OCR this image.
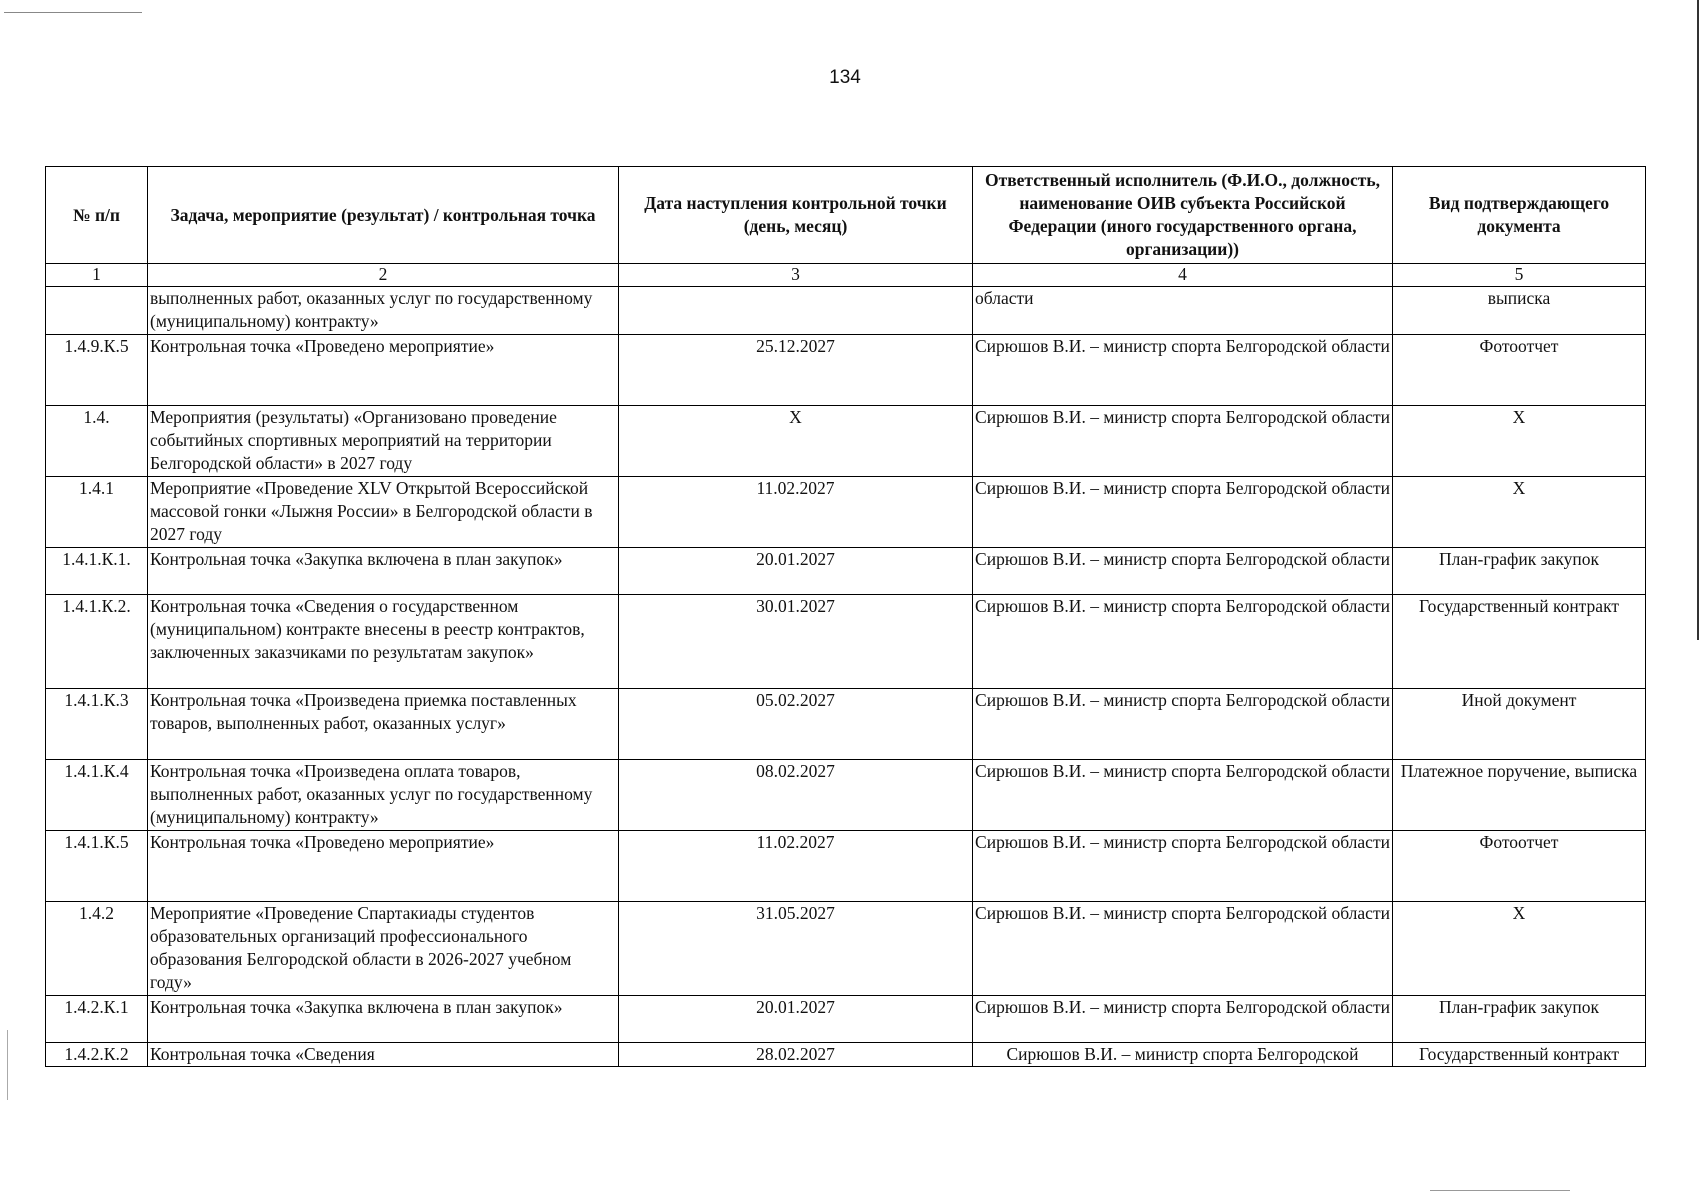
134
№ п/п	Задача, мероприятие (результат) / контрольная точка	Дата наступления контрольной точки (день, месяц)	Ответственный исполнитель (Ф.И.О., должность, наименование ОИВ субъекта Российской Федерации (иного государственного органа, организации))	Вид подтверждающего документа
1	2	3	4	5
	выполненных работ, оказанных услуг по государственному (муниципальному) контракту»		области	выписка
1.4.9.К.5	Контрольная точка «Проведено мероприятие»	25.12.2027	Сирюшов В.И. – министр спорта Белгородской области	Фотоотчет
1.4.	Мероприятия (результаты) «Организовано проведение событийных спортивных мероприятий на территории Белгородской области» в 2027 году	X	Сирюшов В.И. – министр спорта Белгородской области	X
1.4.1	Мероприятие «Проведение XLV Открытой Всероссийской массовой гонки «Лыжня России» в Белгородской области в 2027 году	11.02.2027	Сирюшов В.И. – министр спорта Белгородской области	X
1.4.1.К.1.	Контрольная точка «Закупка включена в план закупок»	20.01.2027	Сирюшов В.И. – министр спорта Белгородской области	План-график закупок
1.4.1.К.2.	Контрольная точка «Сведения о государственном (муниципальном) контракте внесены в реестр контрактов, заключенных заказчиками по результатам закупок»	30.01.2027	Сирюшов В.И. – министр спорта Белгородской области	Государственный контракт
1.4.1.К.3	Контрольная точка «Произведена приемка поставленных товаров, выполненных работ, оказанных услуг»	05.02.2027	Сирюшов В.И. – министр спорта Белгородской области	Иной документ
1.4.1.К.4	Контрольная точка «Произведена оплата товаров, выполненных работ, оказанных услуг по государственному (муниципальному) контракту»	08.02.2027	Сирюшов В.И. – министр спорта Белгородской области	Платежное поручение, выписка
1.4.1.К.5	Контрольная точка «Проведено мероприятие»	11.02.2027	Сирюшов В.И. – министр спорта Белгородской области	Фотоотчет
1.4.2	Мероприятие «Проведение Спартакиады студентов образовательных организаций профессионального образования Белгородской области в 2026-2027 учебном году»	31.05.2027	Сирюшов В.И. – министр спорта Белгородской области	X
1.4.2.К.1	Контрольная точка «Закупка включена в план закупок»	20.01.2027	Сирюшов В.И. – министр спорта Белгородской области	План-график закупок
1.4.2.К.2	Контрольная точка «Сведения	28.02.2027	Сирюшов В.И. – министр спорта Белгородской	Государственный контракт
